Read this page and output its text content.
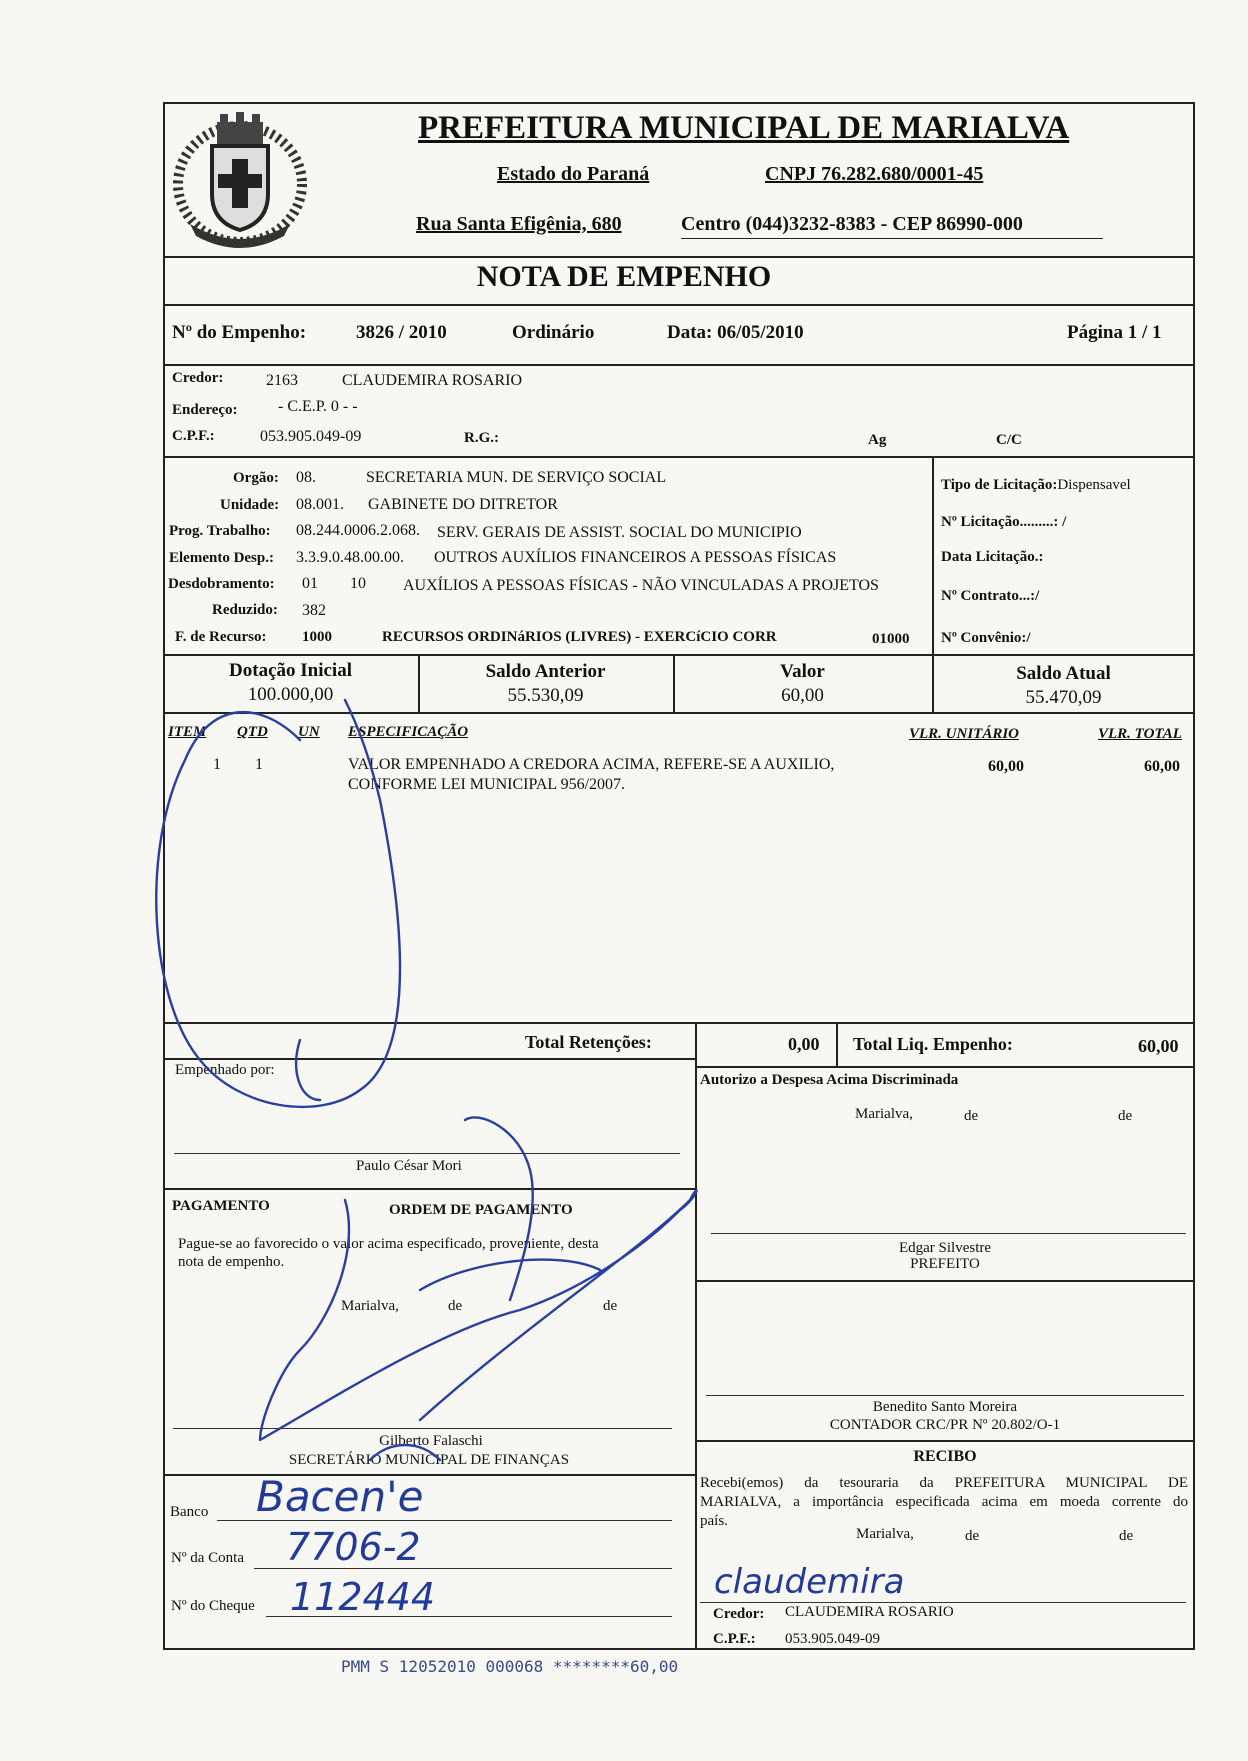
PREFEITURA MUNICIPAL DE MARIALVA
Estado do Paraná	CNPJ 76.282.680/0001-45
Rua Santa Efigênia, 680	Centro (044)3232-8383 - CEP 86990-000
NOTA DE EMPENHO
Nº do Empenho:	3826 / 2010	Ordinário	Data: 06/05/2010	Página 1 / 1
Credor:	2163	CLAUDEMIRA ROSARIO
Endereço:	- C.E.P. 0 - -
C.P.F.:	053.905.049-09	R.G.:	Ag	C/C
Orgão: 08.	SECRETARIA MUN. DE SERVIÇO SOCIAL
Unidade: 08.001. GABINETE DO DITRETOR
Prog. Trabalho: 08.244.0006.2.068. SERV. GERAIS DE ASSIST. SOCIAL DO MUNICIPIO
Elemento Desp.: 3.3.9.0.48.00.00. OUTROS AUXÍLIOS FINANCEIROS A PESSOAS FÍSICAS
Desdobramento: 01 10 AUXÍLIOS A PESSOAS FÍSICAS - NÃO VINCULADAS A PROJETOS
Reduzido: 382
F. de Recurso: 1000	RECURSOS ORDINáRIOS (LIVRES) - EXERCíCIO CORR	01000
Tipo de Licitação:Dispensavel
Nº Licitação.........: /
Data Licitação.:
Nº Contrato...:/
Nº Convênio:/
Dotação Inicial
100.000,00
Saldo Anterior
55.530,09
Valor
60,00
Saldo Atual
55.470,09
ITEM QTD UN ESPECIFICAÇÃO	VLR. UNITÁRIO	VLR. TOTAL
1 1	VALOR EMPENHADO A CREDORA ACIMA, REFERE-SE A AUXILIO,
CONFORME LEI MUNICIPAL 956/2007.
60,00	60,00
Total Retenções:	0,00 Total Liq. Empenho:	60,00
Empenhado por:
Paulo César Mori
Autorizo a Despesa Acima Discriminada
Marialva,	de	de
Edgar Silvestre
PREFEITO
PAGAMENTO	ORDEM DE PAGAMENTO
Pague-se ao favorecido o valor acima especificado, proveniente, desta
nota de empenho.
Marialva,	de	de
Gilberto Falaschi
SECRETÁRIO MUNICIPAL DE FINANÇAS
Benedito Santo Moreira
CONTADOR CRC/PR Nº 20.802/O-1
Banco Bacen'e
Nº da Conta 7706-2
Nº do Cheque 112444
RECIBO
Recebi(emos) da tesouraria da PREFEITURA MUNICIPAL DE
MARIALVA, a importância especificada acima em moeda corrente do
país.
Marialva,	de	de
claudemira
Credor: CLAUDEMIRA ROSARIO
C.P.F.: 053.905.049-09
PMM S 12052010 000068 ********60,00
